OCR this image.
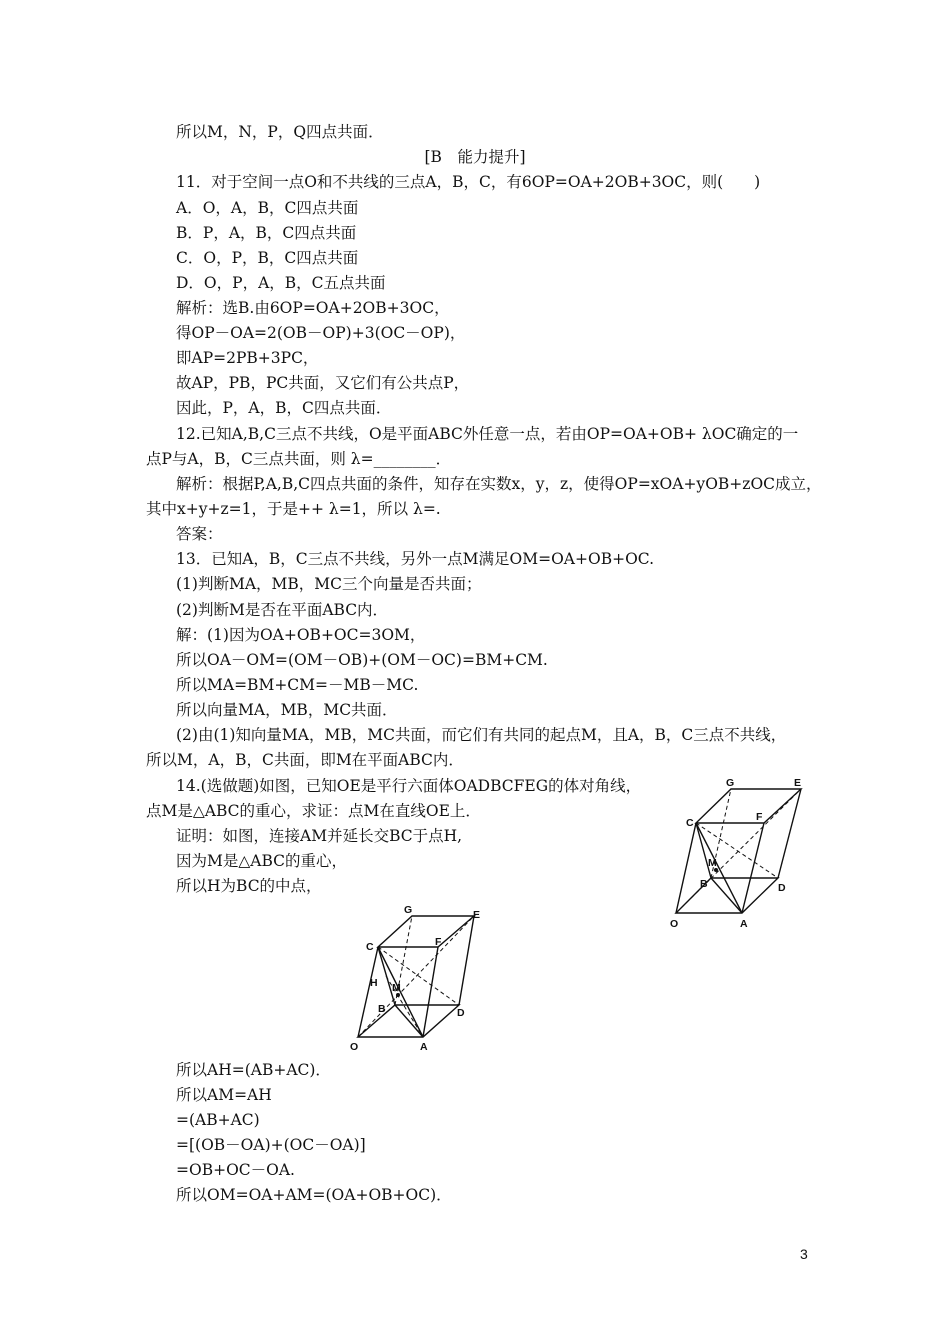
所以M，N，P，Q四点共面．
[B　能力提升]
11．对于空间一点O和不共线的三点A，B，C，有6OP=OA+2OB+3OC，则(　　)
A．O，A，B，C四点共面
B．P，A，B，C四点共面
C．O，P，B，C四点共面
D．O，P，A，B，C五点共面
解析：选B.由6OP=OA+2OB+3OC，
得OP－OA=2(OB－OP)+3(OC－OP)，
即AP=2PB+3PC，
故AP，PB，PC共面，又它们有公共点P，
因此，P，A，B，C四点共面．
12.已知A,B,C三点不共线，O是平面ABC外任意一点，若由OP=OA+OB+ λOC确定的一
点P与A，B，C三点共面，则 λ=________．
解析：根据P,A,B,C四点共面的条件，知存在实数x，y，z，使得OP=xOA+yOB+zOC成立，
其中x+y+z=1，于是++ λ=1，所以 λ=.
答案：
13．已知A，B，C三点不共线，另外一点M满足OM=OA+OB+OC.
(1)判断MA，MB，MC三个向量是否共面；
(2)判断M是否在平面ABC内．
解：(1)因为OA+OB+OC=3OM，
所以OA－OM=(OM－OB)+(OM－OC)=BM+CM.
所以MA=BM+CM=－MB－MC.
所以向量MA，MB，MC共面．
(2)由(1)知向量MA，MB，MC共面，而它们有共同的起点M，且A，B，C三点不共线，
所以M，A，B，C共面，即M在平面ABC内．
14.(选做题)如图，已知OE是平行六面体OADBCFEG的体对角线，
点M是△ABC的重心，求证：点M在直线OE上．
证明：如图，连接AM并延长交BC于点H,
因为M是△ABC的重心，
所以H为BC的中点，
G	E
C	F
M
B	D
O	A
G	E
C	F
H M
B	D
O	A
所以AH=(AB+AC)．
所以AM=AH
=(AB+AC)
=[(OB－OA)+(OC－OA)]
=OB+OC－OA.
所以OM=OA+AM=(OA+OB+OC)．
3
